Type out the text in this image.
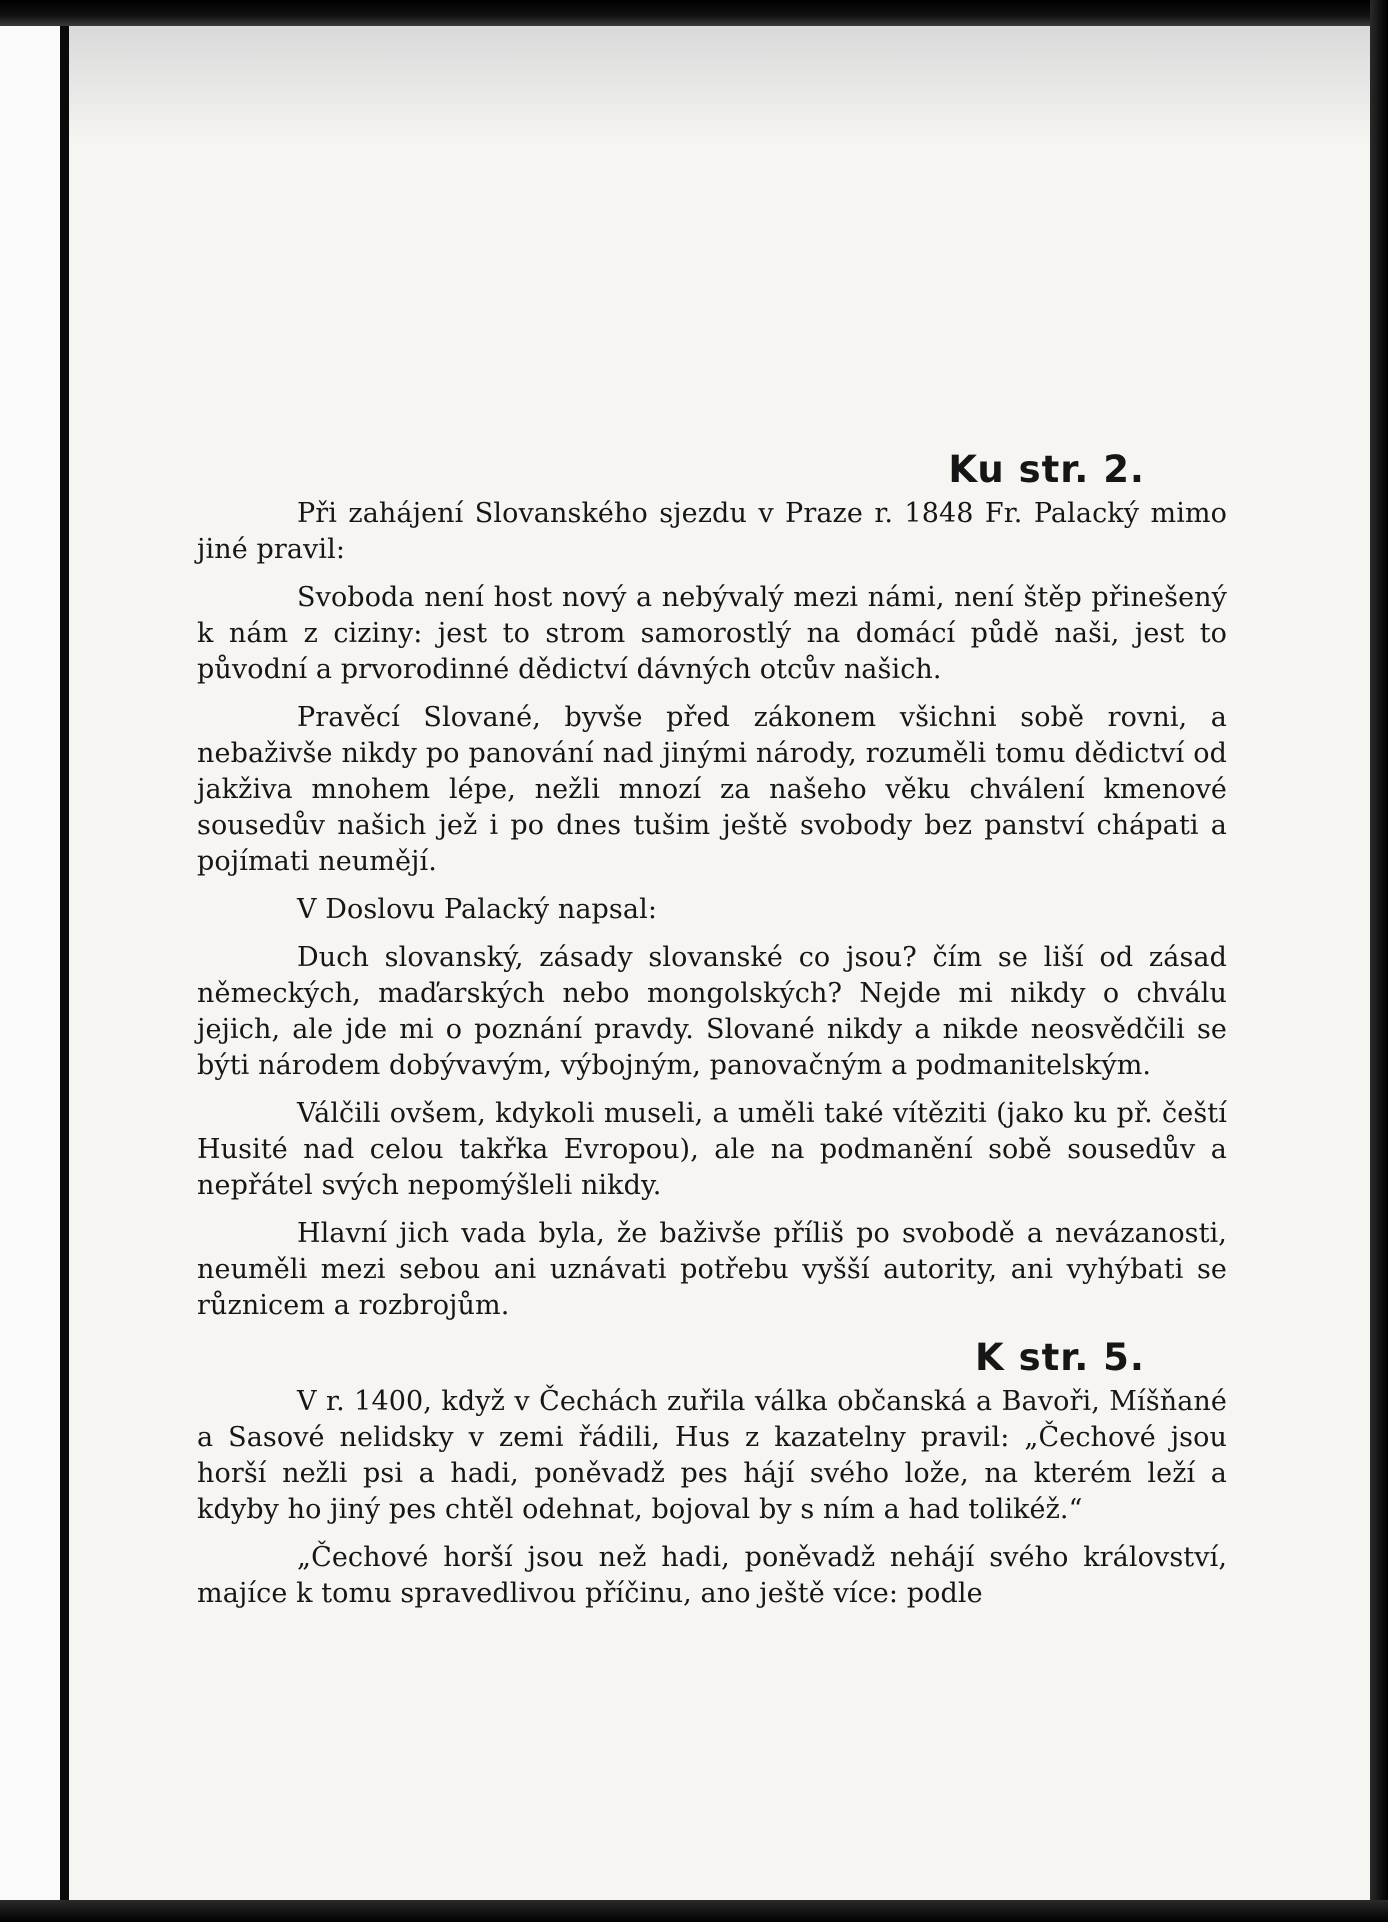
Ku str. 2.

Při zahájení Slovanského sjezdu v Praze r. 1848 Fr. Palacký mimo jiné pravil:

Svoboda není host nový a nebývalý mezi námi, není štěp přinešený k nám z ciziny: jest to strom samorostlý na domácí půdě naši, jest to původní a prvorodinné dědictví dávných otcův našich.

Pravěcí Slované, byvše před zákonem všichni sobě rovni, a nebaživše nikdy po panování nad jinými národy, rozuměli tomu dědictví od jakživa mnohem lépe, nežli mnozí za našeho věku chválení kmenové sousedův našich jež i po dnes tušim ještě svobody bez panství chápati a pojímati neumějí.

V Doslovu Palacký napsal:

Duch slovanský, zásady slovanské co jsou? čím se liší od zásad německých, maďarských nebo mongolských? Nejde mi nikdy o chválu jejich, ale jde mi o poznání pravdy. Slované nikdy a nikde neosvědčili se býti národem dobývavým, výbojným, panovačným a podmanitelským.

Válčili ovšem, kdykoli museli, a uměli také vítěziti (jako ku př. čeští Husité nad celou takřka Evropou), ale na podmanění sobě sousedův a nepřátel svých nepomýšleli nikdy.

Hlavní jich vada byla, že baživše příliš po svobodě a nevázanosti, neuměli mezi sebou ani uznávati potřebu vyšší autority, ani vyhýbati se různicem a rozbrojům.

K str. 5.

V r. 1400, když v Čechách zuřila válka občanská a Bavoři, Míšňané a Sasové nelidsky v zemi řádili, Hus z kazatelny pravil: „Čechové jsou horší nežli psi a hadi, poněvadž pes hájí svého lože, na kterém leží a kdyby ho jiný pes chtěl odehnat, bojoval by s ním a had tolikéž.“

„Čechové horší jsou než hadi, poněvadž nehájí svého království, majíce k tomu spravedlivou příčinu, ano ještě více: podle
